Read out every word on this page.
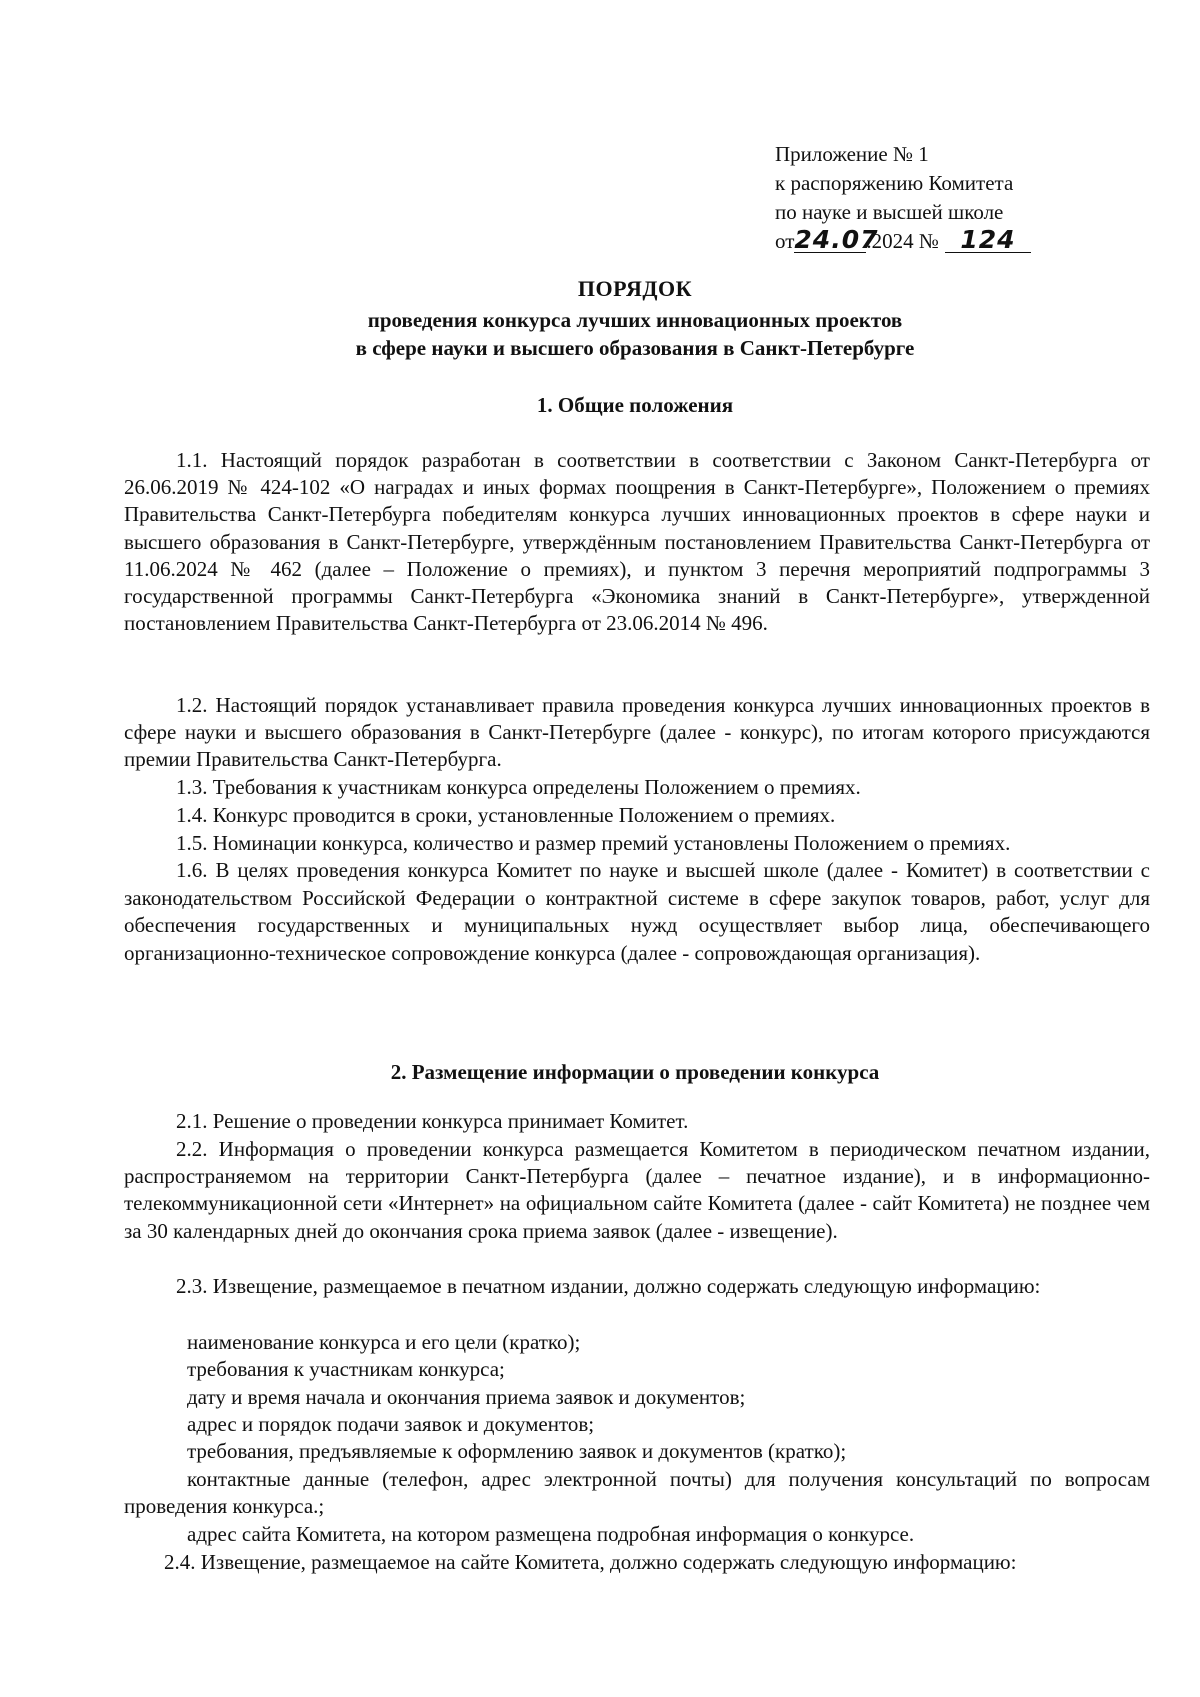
Приложение № 1
к распоряжению Комитета
по науке и высшей школе
от24.07.2024 № 124
ПОРЯДОК
проведения конкурса лучших инновационных проектов
в сфере науки и высшего образования в Санкт-Петербурге
1. Общие положения

1.1. Настоящий порядок разработан в соответствии в соответствии с Законом Санкт-Петербурга от 26.06.2019 № 424-102 «О наградах и иных формах поощрения в Санкт-Петербурге», Положением о премиях Правительства Санкт-Петербурга победителям конкурса лучших инновационных проектов в сфере науки и высшего образования в Санкт-Петербурге, утверждённым постановлением Правительства Санкт-Петербурга от 11.06.2024 № 462 (далее – Положение о премиях), и пунктом 3 перечня мероприятий подпрограммы 3 государственной программы Санкт-Петербурга «Экономика знаний в Санкт-Петербурге», утвержденной постановлением Правительства Санкт-Петербурга от 23.06.2014 № 496.

1.2. Настоящий порядок устанавливает правила проведения конкурса лучших инновационных проектов в сфере науки и высшего образования в Санкт-Петербурге (далее - конкурс), по итогам которого присуждаются премии Правительства Санкт-Петербурга.

1.3. Требования к участникам конкурса определены Положением о премиях.

1.4. Конкурс проводится в сроки, установленные Положением о премиях.

1.5. Номинации конкурса, количество и размер премий установлены Положением о премиях.

1.6. В целях проведения конкурса Комитет по науке и высшей школе (далее - Комитет) в соответствии с законодательством Российской Федерации о контрактной системе в сфере закупок товаров, работ, услуг для обеспечения государственных и муниципальных нужд осуществляет выбор лица, обеспечивающего организационно-техническое сопровождение конкурса (далее - сопровождающая организация).

2. Размещение информации о проведении конкурса

2.1. Решение о проведении конкурса принимает Комитет.

2.2. Информация о проведении конкурса размещается Комитетом в периодическом печатном издании, распространяемом на территории Санкт-Петербурга (далее – печатное издание), и в информационно-телекоммуникационной сети «Интернет» на официальном сайте Комитета (далее - сайт Комитета) не позднее чем за 30 календарных дней до окончания срока приема заявок (далее - извещение).

2.3. Извещение, размещаемое в печатном издании, должно содержать следующую информацию:

наименование конкурса и его цели (кратко);

требования к участникам конкурса;

дату и время начала и окончания приема заявок и документов;

адрес и порядок подачи заявок и документов;

требования, предъявляемые к оформлению заявок и документов (кратко);

контактные данные (телефон, адрес электронной почты) для получения консультаций по вопросам проведения конкурса.;

адрес сайта Комитета, на котором размещена подробная информация о конкурсе.

2.4. Извещение, размещаемое на сайте Комитета, должно содержать следующую информацию:
